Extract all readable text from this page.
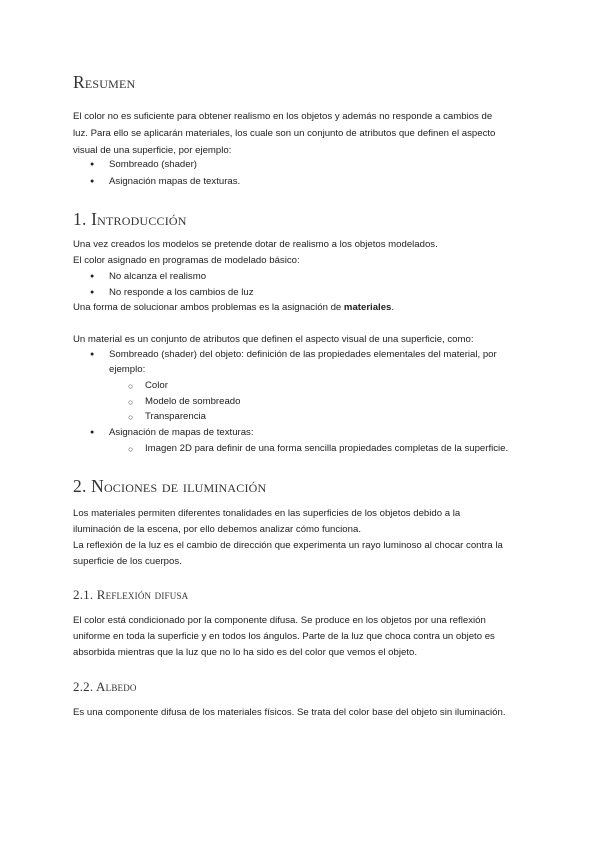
Resumen
El color no es suficiente para obtener realismo en los objetos y además no responde a cambios de
luz. Para ello se aplicarán materiales, los cuale son un conjunto de atributos que definen el aspecto
visual de una superficie, por ejemplo:
● Sombreado (shader)
● Asignación mapas de texturas.
1. Introducción
Una vez creados los modelos se pretende dotar de realismo a los objetos modelados.
El color asignado en programas de modelado básico:
● No alcanza el realismo
● No responde a los cambios de luz
Una forma de solucionar ambos problemas es la asignación de materiales.
Un material es un conjunto de atributos que definen el aspecto visual de una superficie, como:
● Sombreado (shader) del objeto: definición de las propiedades elementales del material, por
ejemplo:
○ Color
○ Modelo de sombreado
○ Transparencia
● Asignación de mapas de texturas:
○ Imagen 2D para definir de una forma sencilla propiedades completas de la superficie.
2. Nociones de iluminación
Los materiales permiten diferentes tonalidades en las superficies de los objetos debido a la
iluminación de la escena, por ello debemos analizar cómo funciona.
La reflexión de la luz es el cambio de dirección que experimenta un rayo luminoso al chocar contra la
superficie de los cuerpos.
2.1. Reflexión difusa
El color está condicionado por la componente difusa. Se produce en los objetos por una reflexión
uniforme en toda la superficie y en todos los ángulos. Parte de la luz que choca contra un objeto es
absorbida mientras que la luz que no lo ha sido es del color que vemos el objeto.
2.2. Albedo
Es una componente difusa de los materiales físicos. Se trata del color base del objeto sin iluminación.
